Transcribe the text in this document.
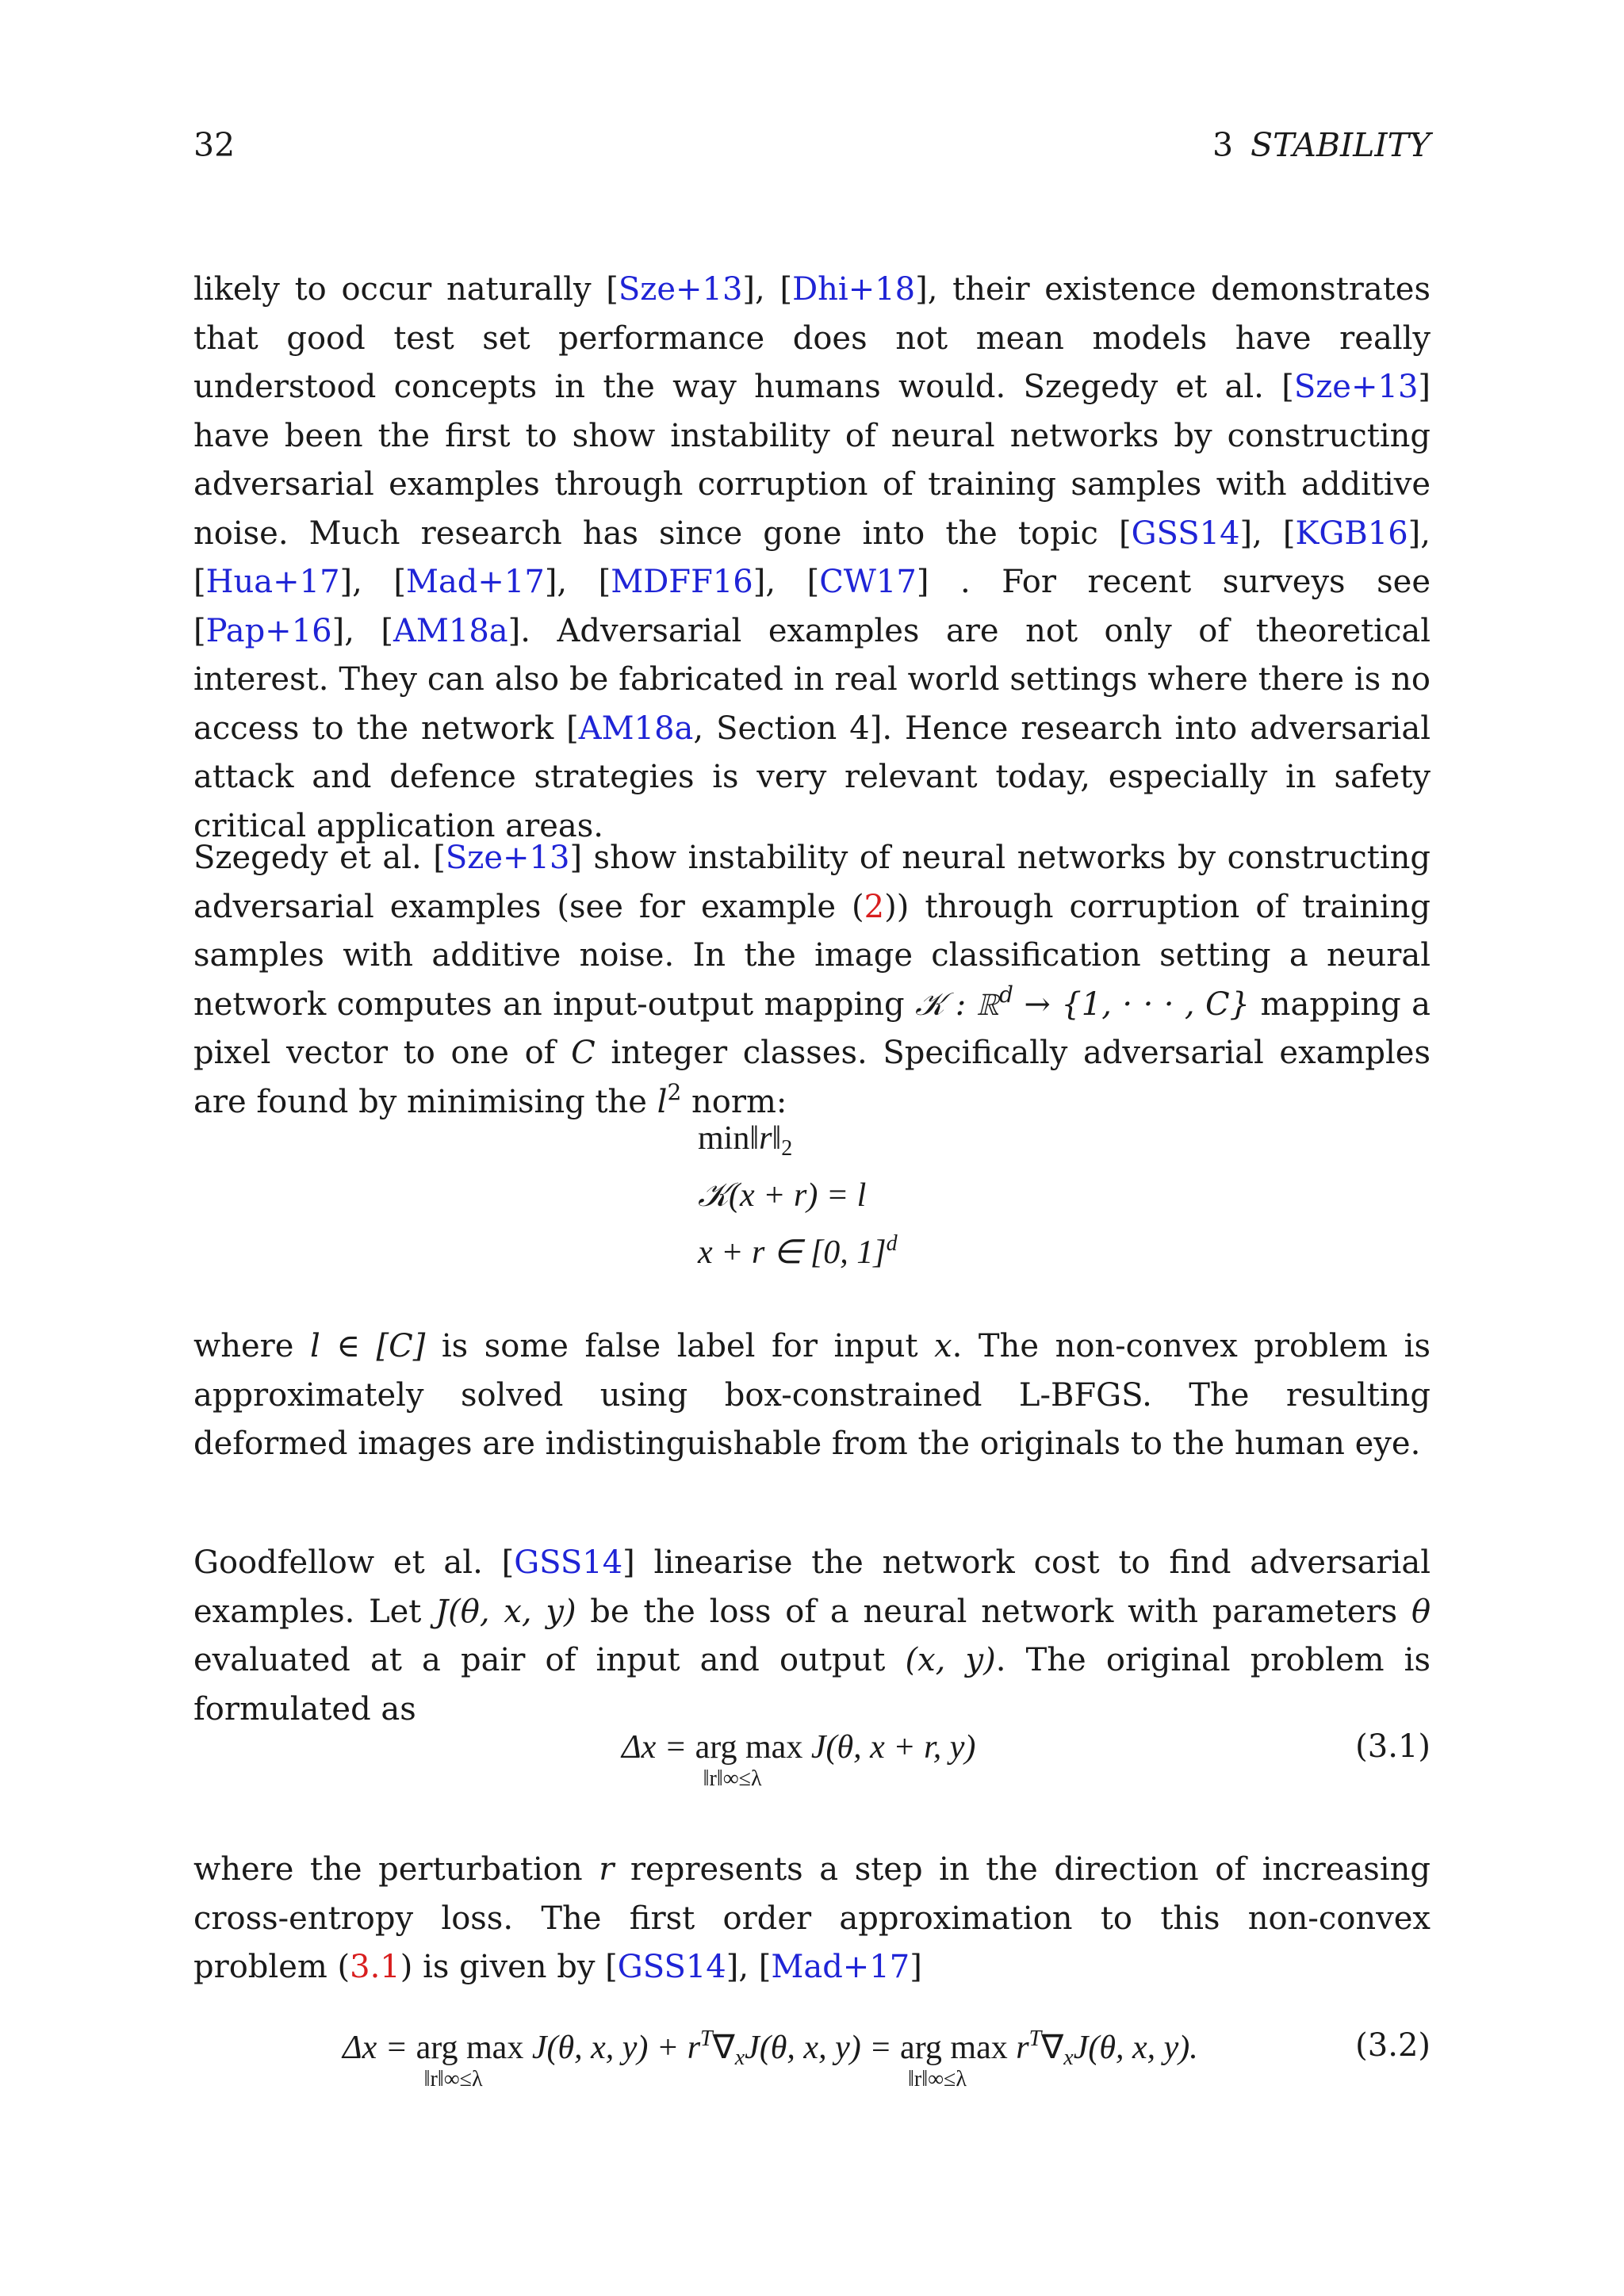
32	3 STABILITY

likely to occur naturally [Sze+13], [Dhi+18], their existence demonstrates that good test set performance does not mean models have really understood concepts in the way humans would. Szegedy et al. [Sze+13] have been the first to show instability of neural networks by constructing adversarial examples through corruption of training samples with additive noise. Much research has since gone into the topic [GSS14], [KGB16], [Hua+17], [Mad+17], [MDFF16], [CW17] . For recent surveys see [Pap+16], [AM18a]. Adversarial examples are not only of theoretical interest. They can also be fabricated in real world settings where there is no access to the network [AM18a, Section 4]. Hence research into adversarial attack and defence strategies is very relevant today, especially in safety critical application areas.

Szegedy et al. [Sze+13] show instability of neural networks by constructing adversarial examples (see for example (2)) through corruption of training samples with additive noise. In the image classification setting a neural network computes an input-output mapping 𝒦 : ℝ$^d$ → {1, · · · , C} mapping a pixel vector to one of C integer classes. Specifically adversarial examples are found by minimising the $l^2$ norm:

$\min‖r‖_2$
𝒦(x + r) = l
x + r ∈ [0, 1]$^d$

where l ∈ [C] is some false label for input x. The non-convex problem is approximately solved using box-constrained L-BFGS. The resulting deformed images are indistinguishable from the originals to the human eye.

Goodfellow et al. [GSS14] linearise the network cost to find adversarial examples. Let J(θ, x, y) be the loss of a neural network with parameters θ evaluated at a pair of input and output (x, y). The original problem is formulated as

Δx = arg max
‖r‖∞≤λ
J(θ, x + r, y)	(3.1)

where the perturbation r represents a step in the direction of increasing cross-entropy loss. The first order approximation to this non-convex problem (3.1) is given by [GSS14], [Mad+17]

Δx = arg max
‖r‖∞≤λ
J(θ, x, $y) + r^T\nabla_xJ(\theta$, x, y) = arg max
‖r‖∞≤λ
$r^T\nabla_xJ(\theta$, x, y).	(3.2)
